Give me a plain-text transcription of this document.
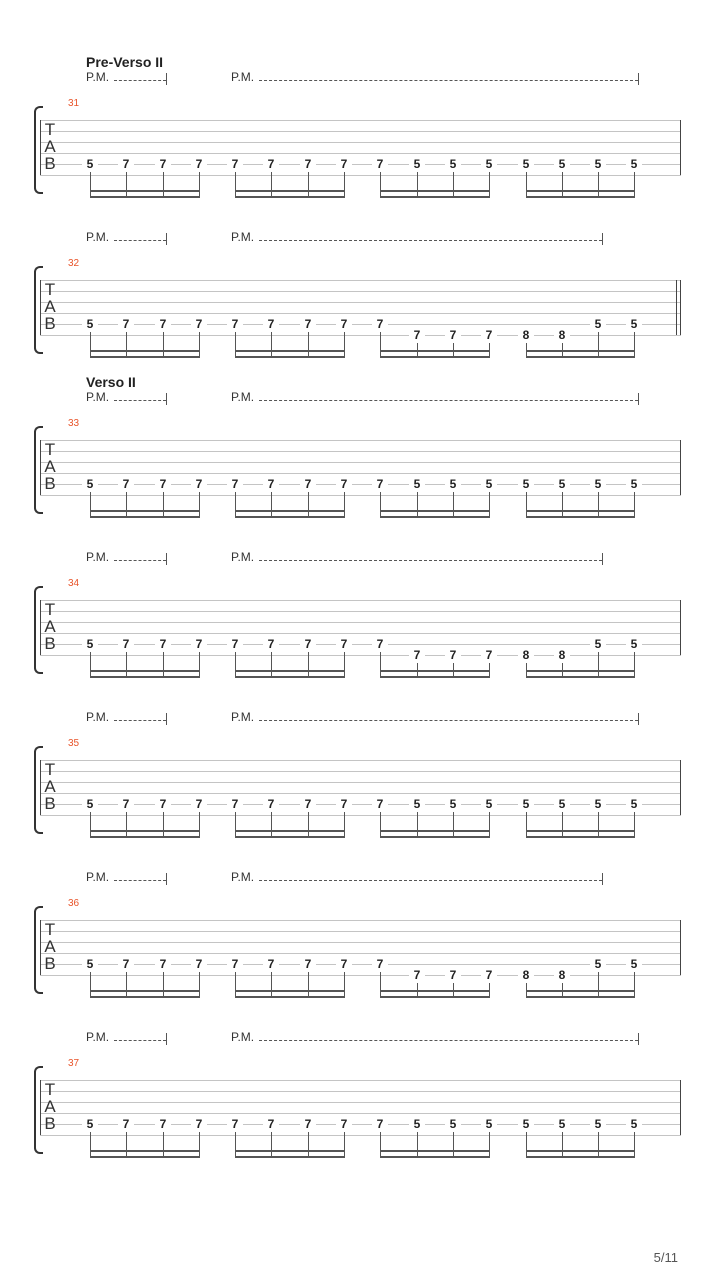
Pre-Verso II
P.M.	P.M.
31
T
A
B	5	7	7	7	7	7	7	7	7	5	5	5	5	5	5	5
P.M.	P.M.
32
T
A
B	5	7	7	7	7	7	7	7	7
7	7	7	8	8
5	5
Verso II
P.M.	P.M.
33
T
A
B	5	7	7	7	7	7	7	7	7	5	5	5	5	5	5	5
P.M.	P.M.
34
T
A
B	5	7	7	7	7	7	7	7	7
7	7	7	8	8
5	5
P.M.	P.M.
35
T
A
B	5	7	7	7	7	7	7	7	7	5	5	5	5	5	5	5
P.M.	P.M.
36
T
A
B	5	7	7	7	7	7	7	7	7
7	7	7	8	8
5	5
P.M.	P.M.
37
T
A
B	5	7	7	7	7	7	7	7	7	5	5	5	5	5	5	5
5/11
